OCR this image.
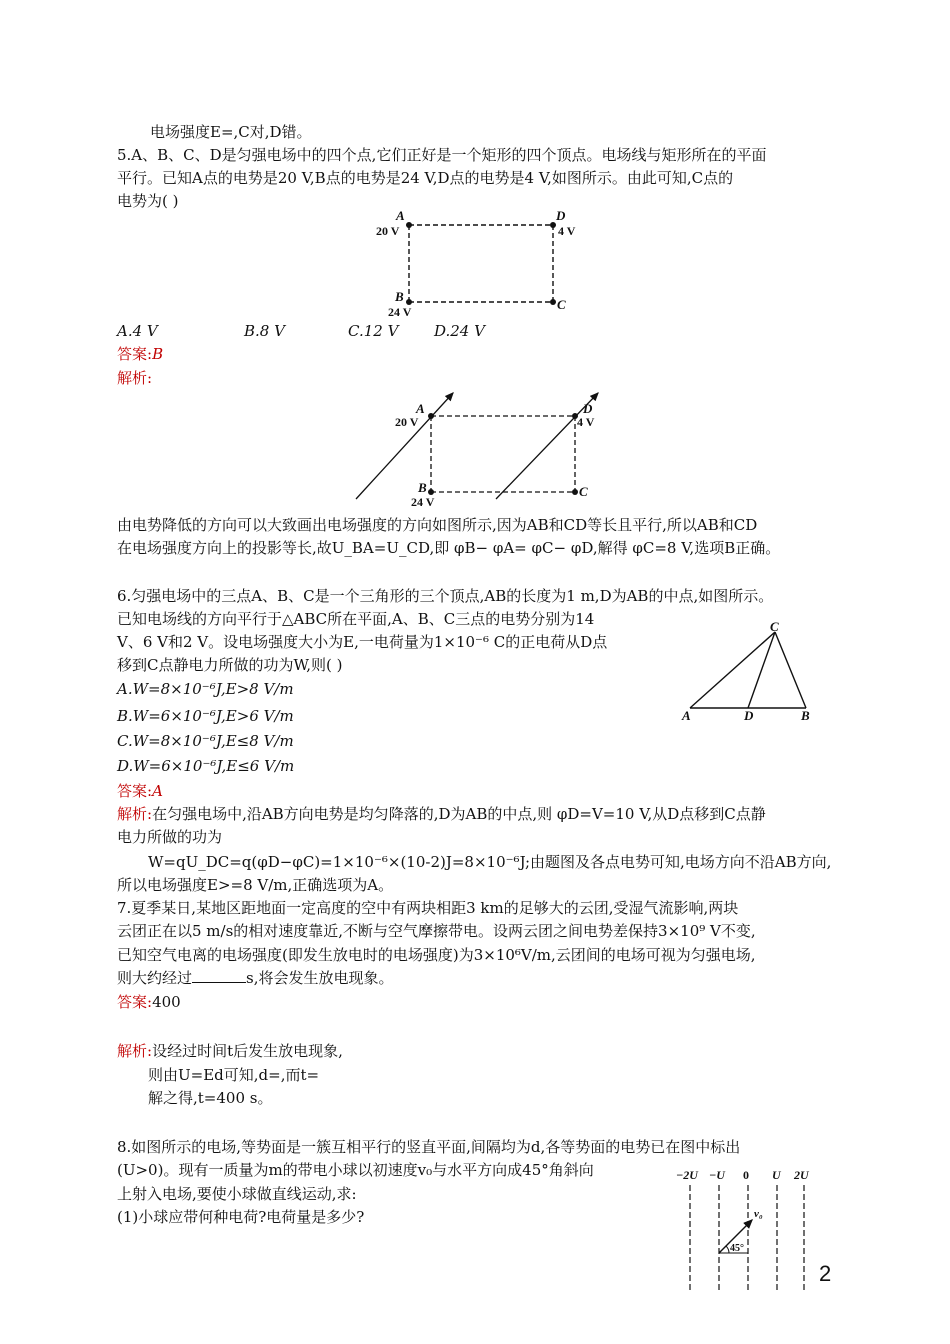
电场强度E=,C对,D错。
5.A、B、C、D是匀强电场中的四个点,它们正好是一个矩形的四个顶点。电场线与矩形所在的平面
平行。已知A点的电势是20 V,B点的电势是24 V,D点的电势是4 V,如图所示。由此可知,C点的
电势为( )
A
20 V
D
4 V
B
24 V	C
A.4 V	B.8 V	C.12 V D.24 V
答案:B
解析:
A
20 V
D
4 V
B
24 V
C
由电势降低的方向可以大致画出电场强度的方向如图所示,因为AB和CD等长且平行,所以AB和CD
在电场强度方向上的投影等长,故U_BA=U_CD,即 φB− φA= φC− φD,解得 φC=8 V,选项B正确。
6.匀强电场中的三点A、B、C是一个三角形的三个顶点,AB的长度为1 m,D为AB的中点,如图所示。
已知电场线的方向平行于△ABC所在平面,A、B、C三点的电势分别为14
V、6 V和2 V。设电场强度大小为E,一电荷量为1×10⁻⁶ C的正电荷从D点
移到C点静电力所做的功为W,则( )
C
A	D	B
A.W=8×10⁻⁶J,E>8 V/m
B.W=6×10⁻⁶J,E>6 V/m
C.W=8×10⁻⁶J,E≤8 V/m
D.W=6×10⁻⁶J,E≤6 V/m
答案:A
解析:在匀强电场中,沿AB方向电势是均匀降落的,D为AB的中点,则 φD=V=10 V,从D点移到C点静
电力所做的功为
W=qU_DC=q(φD−φC)=1×10⁻⁶×(10-2)J=8×10⁻⁶J;由题图及各点电势可知,电场方向不沿AB方向,
所以电场强度E>=8 V/m,正确选项为A。
7.夏季某日,某地区距地面一定高度的空中有两块相距3 km的足够大的云团,受湿气流影响,两块
云团正在以5 m/s的相对速度靠近,不断与空气摩擦带电。设两云团之间电势差保持3×10⁹ V不变,
已知空气电离的电场强度(即发生放电时的电场强度)为3×10⁶V/m,云团间的电场可视为匀强电场,
则大约经过	s,将会发生放电现象。
答案:400
解析:设经过时间t后发生放电现象,
则由U=Ed可知,d=,而t=
解之得,t=400 s。
8.如图所示的电场,等势面是一簇互相平行的竖直平面,间隔均为d,各等势面的电势已在图中标出
(U>0)。现有一质量为m的带电小球以初速度v₀与水平方向成45°角斜向
上射入电场,要使小球做直线运动,求:
(1)小球应带何种电荷?电荷量是多少?
−2U −U 0 U 2U
v₀
45°
2
